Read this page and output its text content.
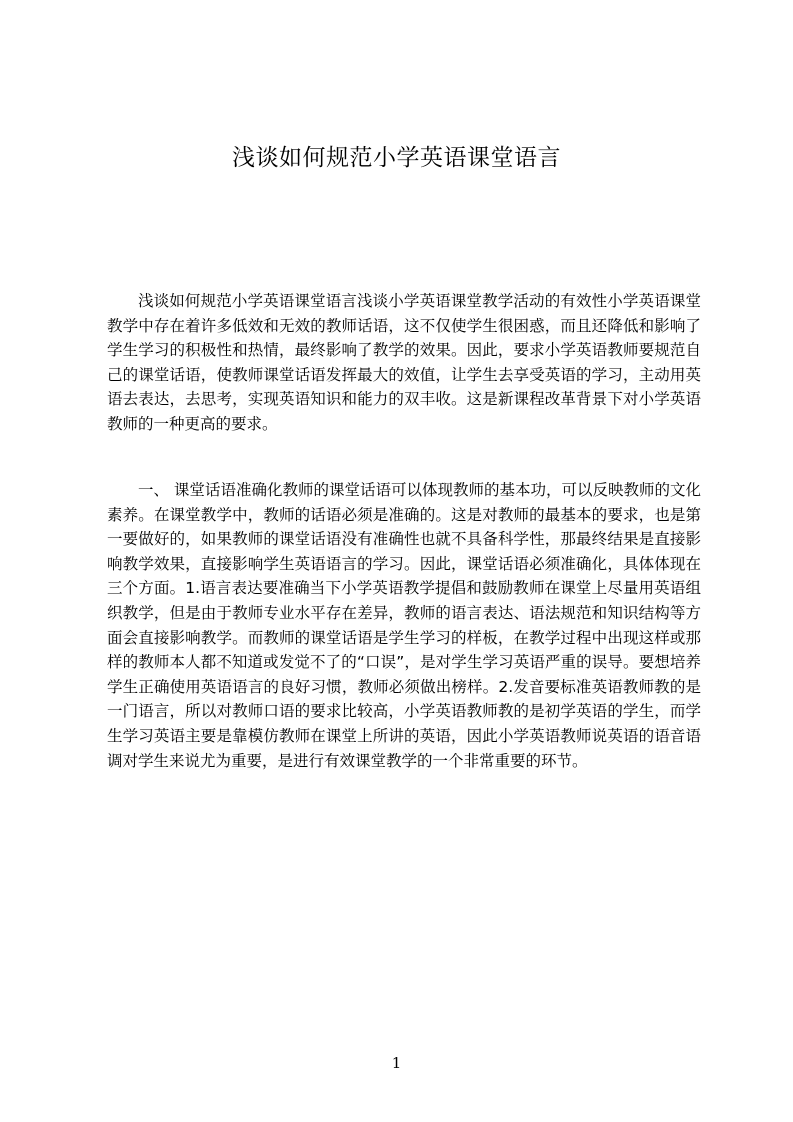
浅谈如何规范小学英语课堂语言

浅谈如何规范小学英语课堂语言浅谈小学英语课堂教学活动的有效性小学英语课堂教学中存在着许多低效和无效的教师话语，这不仅使学生很困惑，而且还降低和影响了学生学习的积极性和热情，最终影响了教学的效果。因此，要求小学英语教师要规范自己的课堂话语，使教师课堂话语发挥最大的效值，让学生去享受英语的学习，主动用英语去表达，去思考，实现英语知识和能力的双丰收。这是新课程改革背景下对小学英语教师的一种更高的要求。

一、 课堂话语准确化教师的课堂话语可以体现教师的基本功，可以反映教师的文化素养。在课堂教学中，教师的话语必须是准确的。这是对教师的最基本的要求，也是第一要做好的，如果教师的课堂话语没有准确性也就不具备科学性，那最终结果是直接影响教学效果，直接影响学生英语语言的学习。因此，课堂话语必须准确化，具体体现在三个方面。1.语言表达要准确当下小学英语教学提倡和鼓励教师在课堂上尽量用英语组织教学，但是由于教师专业水平存在差异，教师的语言表达、语法规范和知识结构等方面会直接影响教学。而教师的课堂话语是学生学习的样板，在教学过程中出现这样或那样的教师本人都不知道或发觉不了的“口误”，是对学生学习英语严重的误导。要想培养学生正确使用英语语言的良好习惯，教师必须做出榜样。2.发音要标准英语教师教的是一门语言，所以对教师口语的要求比较高，小学英语教师教的是初学英语的学生，而学生学习英语主要是靠模仿教师在课堂上所讲的英语，因此小学英语教师说英语的语音语调对学生来说尤为重要，是进行有效课堂教学的一个非常重要的环节。

1
